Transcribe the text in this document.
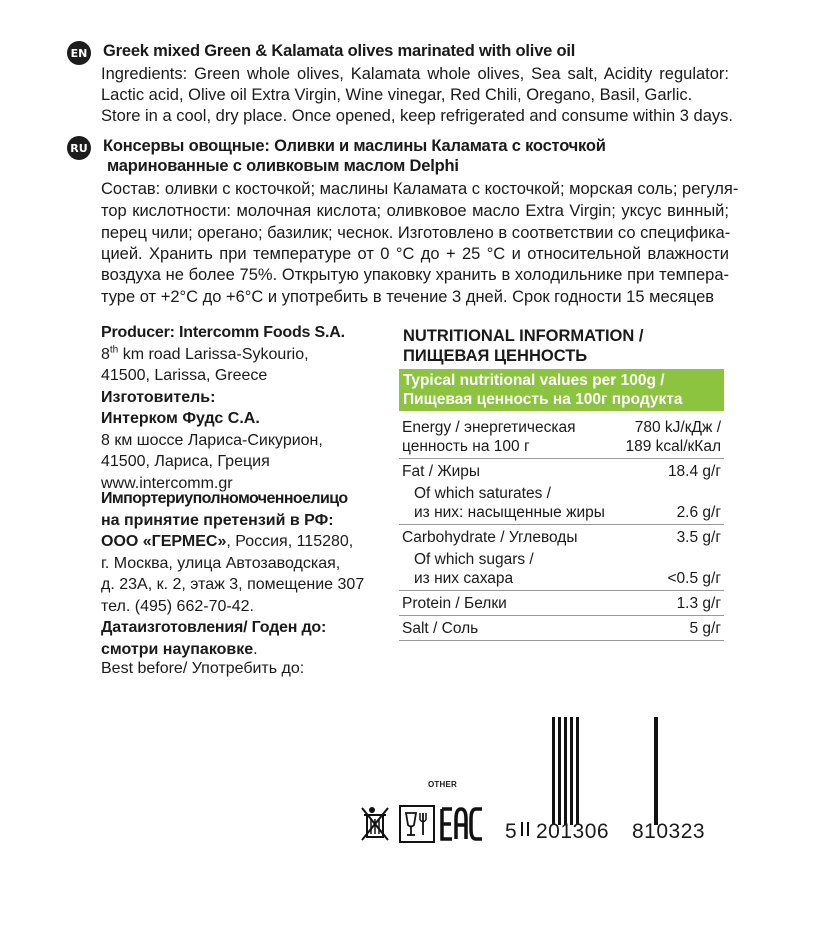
EN Greek mixed Green & Kalamata olives marinated with olive oil
Ingredients: Green whole olives, Kalamata whole olives, Sea salt, Acidity regulator:
Lactic acid, Olive oil Extra Virgin, Wine vinegar, Red Chili, Oregano, Basil, Garlic.
Store in a cool, dry place. Once opened, keep refrigerated and consume within 3 days.
RU Консервы овощные: Оливки и маслины Каламата с косточкой
маринованные с оливковым маслом Delphi
Состав: оливки с косточкой; маслины Каламата с косточкой; морская соль; регуля-
тор кислотности: молочная кислота; оливковое масло Extra Virgin; уксус винный;
перец чили; орегано; базилик; чеснок. Изготовлено в соответствии со специфика-
цией. Хранить при температуре от 0 °С до + 25 °С и относительной влажности
воздуха не более 75%. Открытую упаковку хранить в холодильнике при темпера-
туре от +2°С до +6°С и употребить в течение 3 дней. Срок годности 15 месяцев
Producer: Intercomm Foods S.A.
8th km road Larissa-Sykourio,
41500, Larissa, Greece
Изготовитель:
Интерком Фудс С.А.
8 км шоссе Лариса-Сикурион,
41500, Лариса, Греция
www.intercomm.gr
Импортериуполномоченноелицо
на принятие претензий в РФ:
ООО «ГЕРМЕС», Россия, 115280,
г. Москва, улица Автозаводская,
д. 23А, к. 2, этаж 3, помещение 307
тел. (495) 662-70-42.
Датаизготовления/ Годен до:
смотри наупаковке.
Best before/ Употребить до:
NUTRITIONAL INFORMATION /
ПИЩЕВАЯ ЦЕННОСТЬ
Typical nutritional values per 100g /
Пищевая ценность на 100г продукта
Energy / энергетическая
ценность на 100 г	780 kJ/кДж /
189 kcal/кКал
Fat / Жиры	18.4 g/г

Of which saturates /
из них: насыщенные жиры	2.6 g/г
Carbohydrate / Углеводы	3.5 g/г

Of which sugars /
из них сахара	<0.5 g/г
Protein / Белки	1.3 g/г
Salt / Соль	5 g/г
OTHER
5 201306 810323
